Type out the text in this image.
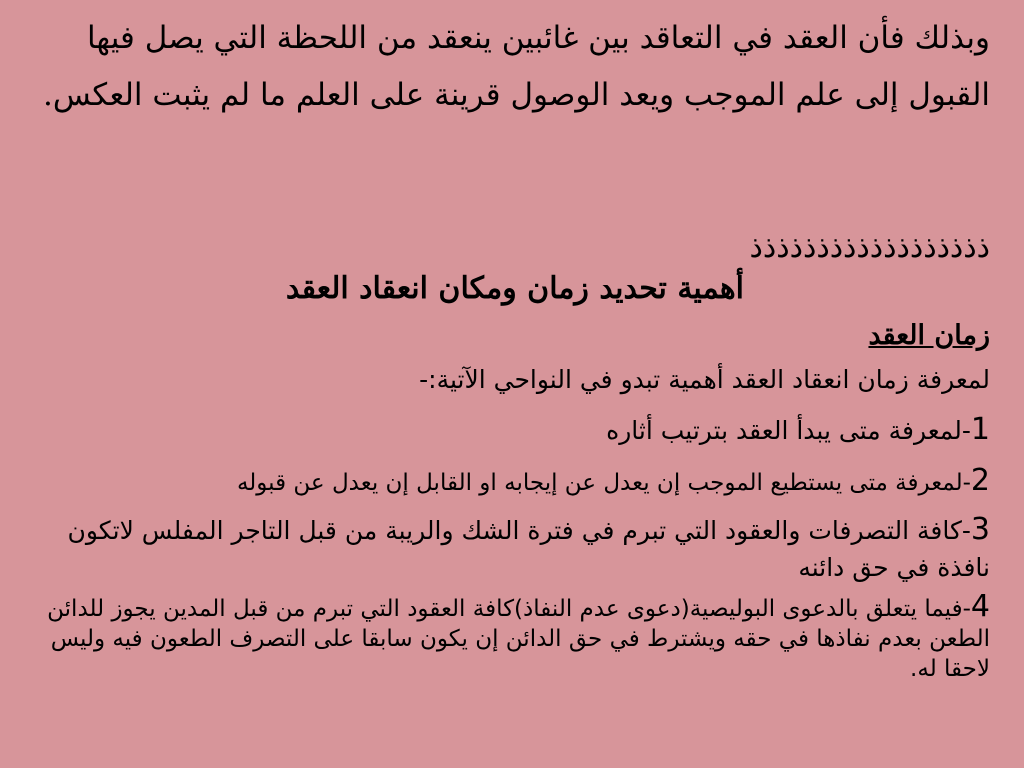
وبذلك فأن العقد في التعاقد بين غائبين ينعقد من اللحظة التي يصل فيها القبول إلى علم الموجب ويعد الوصول قرينة على العلم ما لم يثبت العكس.

ذذذذذذذذذذذذذذذذذذ

أهمية تحديد زمان ومكان انعقاد العقد
زمان العقد

لمعرفة زمان انعقاد العقد أهمية تبدو في النواحي الآتية:-

1-لمعرفة متى يبدأ العقد بترتيب أثاره
2-لمعرفة متى يستطيع الموجب إن يعدل عن إيجابه او القابل إن يعدل عن قبوله
3-كافة التصرفات والعقود التي تبرم في فترة الشك والريبة من قبل التاجر المفلس لاتكون نافذة في حق دائنه
4-فيما يتعلق بالدعوى البوليصية(دعوى عدم النفاذ)كافة العقود التي تبرم من قبل المدين يجوز للدائن الطعن بعدم نفاذها في حقه ويشترط في حق الدائن إن يكون سابقا على التصرف الطعون فيه وليس لاحقا له.
